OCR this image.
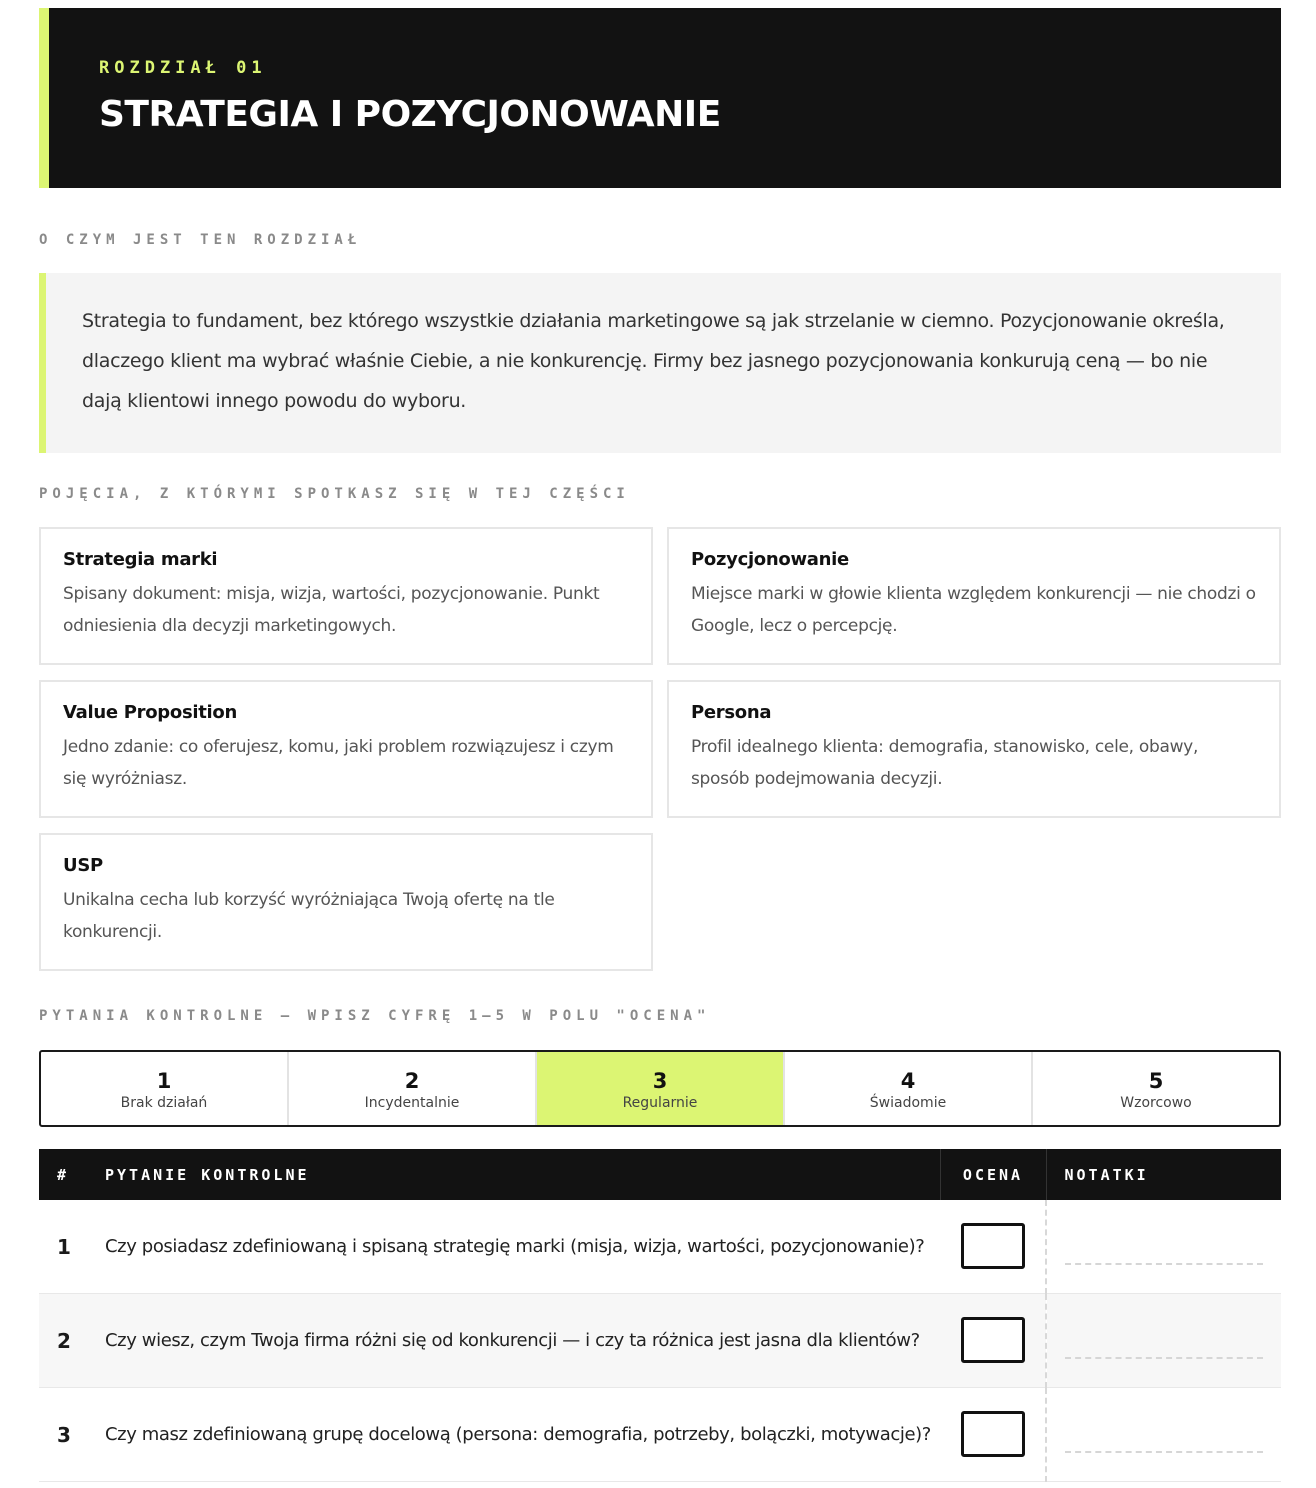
ROZDZIAŁ 01
STRATEGIA I POZYCJONOWANIE
O CZYM JEST TEN ROZDZIAŁ
Strategia to fundament, bez którego wszystkie działania marketingowe są jak strzelanie w ciemno. Pozycjonowanie określa, dlaczego klient ma wybrać właśnie Ciebie, a nie konkurencję. Firmy bez jasnego pozycjonowania konkurują ceną — bo nie dają klientowi innego powodu do wyboru.
POJĘCIA, Z KTÓRYMI SPOTKASZ SIĘ W TEJ CZĘŚCI
Strategia marki
Spisany dokument: misja, wizja, wartości, pozycjonowanie. Punkt odniesienia dla decyzji marketingowych.
Pozycjonowanie
Miejsce marki w głowie klienta względem konkurencji — nie chodzi o Google, lecz o percepcję.
Value Proposition
Jedno zdanie: co oferujesz, komu, jaki problem rozwiązujesz i czym się wyróżniasz.
Persona
Profil idealnego klienta: demografia, stanowisko, cele, obawy, sposób podejmowania decyzji.
USP
Unikalna cecha lub korzyść wyróżniająca Twoją ofertę na tle konkurencji.
PYTANIA KONTROLNE — WPISZ CYFRĘ 1–5 W POLU "OCENA"
1
Brak działań
2
Incydentalnie
3
Regularnie
4
Świadomie
5
Wzorcowo
#	PYTANIE KONTROLNE	OCENA	NOTATKI
1	Czy posiadasz zdefiniowaną i spisaną strategię marki (misja, wizja, wartości, pozycjonowanie)?		

2	Czy wiesz, czym Twoja firma różni się od konkurencji — i czy ta różnica jest jasna dla klientów?		

3	Czy masz zdefiniowaną grupę docelową (persona: demografia, potrzeby, bolączki, motywacje)?		
